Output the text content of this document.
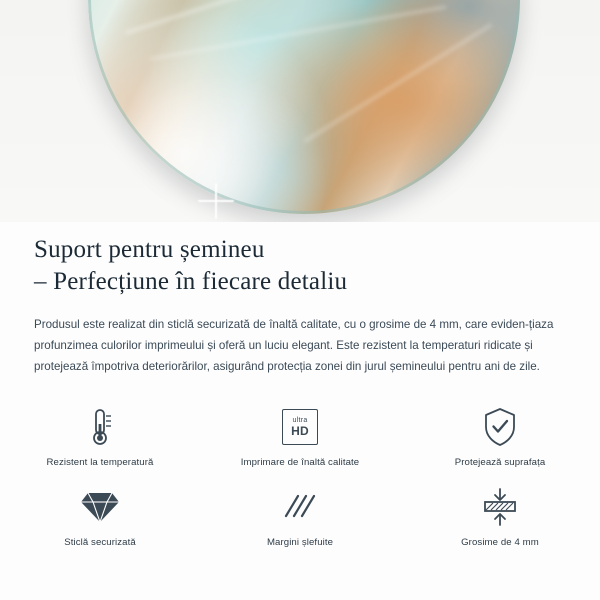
Suport pentru șemineu
– Perfecțiune în fiecare detaliu

Produsul este realizat din sticlă securizată de înaltă calitate, cu o grosime de 4 mm, care eviden-țiaza profunzimea culorilor imprimeului și oferă un luciu elegant. Este rezistent la temperaturi ridicate și protejează împotriva deteriorărilor, asigurând protecția zonei din jurul șemineului pentru ani de zile.

Rezistent la temperatură
ultra
HD
Imprimare de înaltă calitate	Protejează suprafața
Sticlă securizată	Margini șlefuite	Grosime de 4 mm
